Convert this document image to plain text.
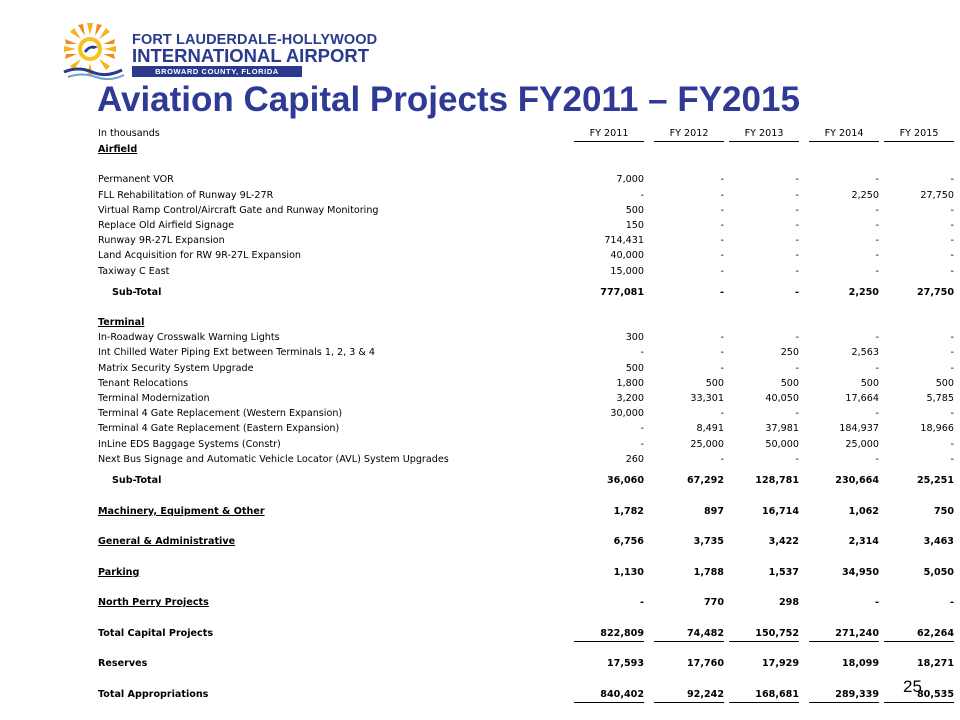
FORT LAUDERDALE-HOLLYWOOD
INTERNATIONAL AIRPORT
BROWARD COUNTY, FLORIDA
Aviation Capital Projects FY2011 – FY2015
In thousands	FY 2011	FY 2012	FY 2013	FY 2014	FY 2015
Airfield
Permanent VOR	7,000	-	-	-	-
FLL Rehabilitation of Runway 9L-27R	-	-	-	2,250	27,750
Virtual Ramp Control/Aircraft Gate and Runway Monitoring	500	-	-	-	-
Replace Old Airfield Signage	150	-	-	-	-
Runway 9R-27L Expansion	714,431	-	-	-	-
Land Acquisition for RW 9R-27L Expansion	40,000	-	-	-	-
Taxiway C East	15,000	-	-	-	-
Sub-Total	777,081	-	-	2,250	27,750
Terminal
In-Roadway Crosswalk Warning Lights	300	-	-	-	-
Int Chilled Water Piping Ext between Terminals 1, 2, 3 & 4	-	-	250	2,563	-
Matrix Security System Upgrade	500	-	-	-	-
Tenant Relocations	1,800	500	500	500	500
Terminal Modernization	3,200	33,301	40,050	17,664	5,785
Terminal 4 Gate Replacement (Western Expansion)	30,000	-	-	-	-
Terminal 4 Gate Replacement (Eastern Expansion)	-	8,491	37,981	184,937	18,966
InLine EDS Baggage Systems (Constr)	-	25,000	50,000	25,000	-
Next Bus Signage and Automatic Vehicle Locator (AVL) System Upgrades	260	-	-	-	-
Sub-Total	36,060	67,292	128,781	230,664	25,251
Machinery, Equipment & Other	1,782	897	16,714	1,062	750
General & Administrative	6,756	3,735	3,422	2,314	3,463
Parking	1,130	1,788	1,537	34,950	5,050
North Perry Projects	-	770	298	-	-
Total Capital Projects	822,809	74,482	150,752	271,240	62,264
Reserves	17,593	17,760	17,929	18,099	18,271
Total Appropriations	840,402	92,242	168,681	289,339	80,535
25
